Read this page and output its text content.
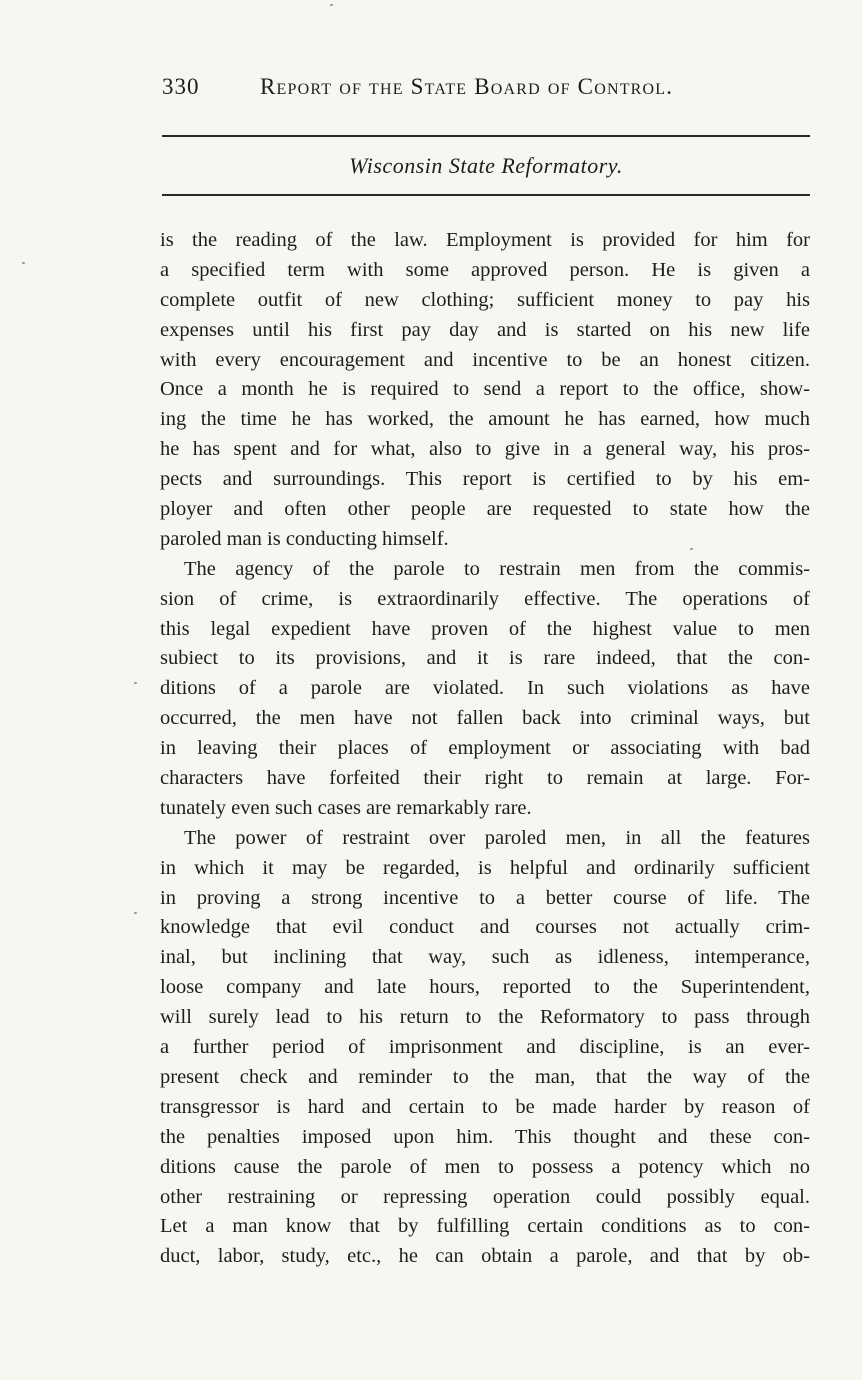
330	Report of the State Board of Control.
Wisconsin State Reformatory.
is the reading of the law. Employment is provided for him for
a specified term with some approved person. He is given a
complete outfit of new clothing; sufficient money to pay his
expenses until his first pay day and is started on his new life
with every encouragement and incentive to be an honest citizen.
Once a month he is required to send a report to the office, show-
ing the time he has worked, the amount he has earned, how much
he has spent and for what, also to give in a general way, his pros-
pects and surroundings. This report is certified to by his em-
ployer and often other people are requested to state how the
paroled man is conducting himself.
The agency of the parole to restrain men from the commis-
sion of crime, is extraordinarily effective. The operations of
this legal expedient have proven of the highest value to men
subiect to its provisions, and it is rare indeed, that the con-
ditions of a parole are violated. In such violations as have
occurred, the men have not fallen back into criminal ways, but
in leaving their places of employment or associating with bad
characters have forfeited their right to remain at large. For-
tunately even such cases are remarkably rare.
The power of restraint over paroled men, in all the features
in which it may be regarded, is helpful and ordinarily sufficient
in proving a strong incentive to a better course of life. The
knowledge that evil conduct and courses not actually crim-
inal, but inclining that way, such as idleness, intemperance,
loose company and late hours, reported to the Superintendent,
will surely lead to his return to the Reformatory to pass through
a further period of imprisonment and discipline, is an ever-
present check and reminder to the man, that the way of the
transgressor is hard and certain to be made harder by reason of
the penalties imposed upon him. This thought and these con-
ditions cause the parole of men to possess a potency which no
other restraining or repressing operation could possibly equal.
Let a man know that by fulfilling certain conditions as to con-
duct, labor, study, etc., he can obtain a parole, and that by ob-
